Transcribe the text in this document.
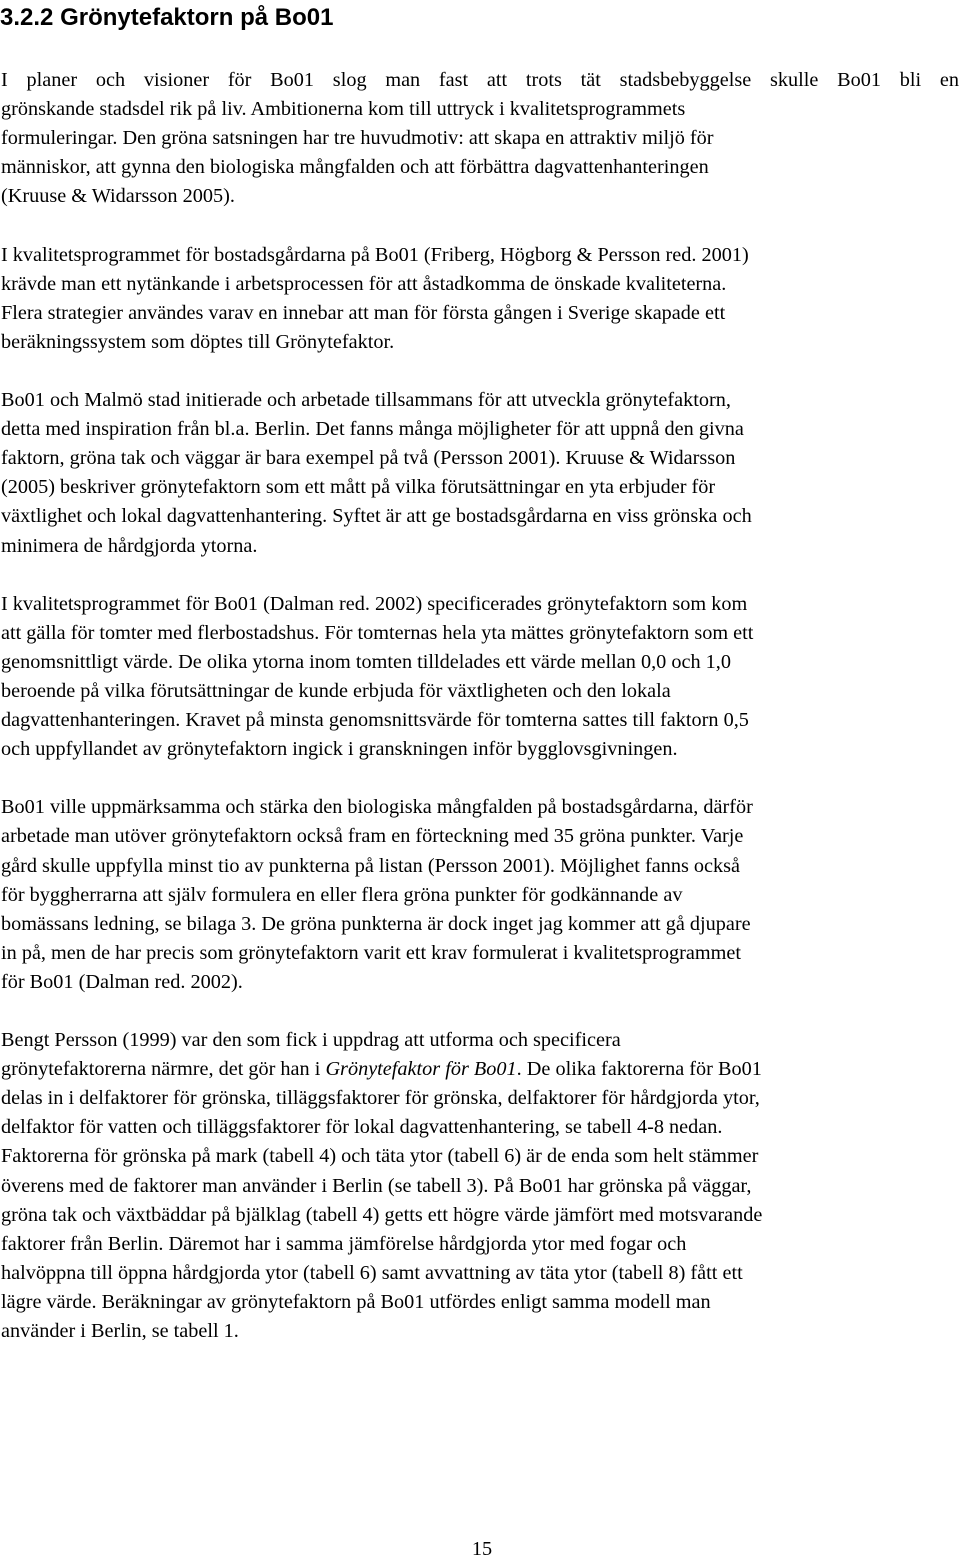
3.2.2 Grönytefaktorn på Bo01
I planer och visioner för Bo01 slog man fast att trots tät stadsbebyggelse skulle Bo01 bli en
grönskande stadsdel rik på liv. Ambitionerna kom till uttryck i kvalitetsprogrammets
formuleringar. Den gröna satsningen har tre huvudmotiv: att skapa en attraktiv miljö för
människor, att gynna den biologiska mångfalden och att förbättra dagvattenhanteringen
(Kruuse & Widarsson 2005).
I kvalitetsprogrammet för bostadsgårdarna på Bo01 (Friberg, Högborg & Persson red. 2001)
krävde man ett nytänkande i arbetsprocessen för att åstadkomma de önskade kvaliteterna.
Flera strategier användes varav en innebar att man för första gången i Sverige skapade ett
beräkningssystem som döptes till Grönytefaktor.
Bo01 och Malmö stad initierade och arbetade tillsammans för att utveckla grönytefaktorn,
detta med inspiration från bl.a. Berlin. Det fanns många möjligheter för att uppnå den givna
faktorn, gröna tak och väggar är bara exempel på två (Persson 2001). Kruuse & Widarsson
(2005) beskriver grönytefaktorn som ett mått på vilka förutsättningar en yta erbjuder för
växtlighet och lokal dagvattenhantering. Syftet är att ge bostadsgårdarna en viss grönska och
minimera de hårdgjorda ytorna.
I kvalitetsprogrammet för Bo01 (Dalman red. 2002) specificerades grönytefaktorn som kom
att gälla för tomter med flerbostadshus. För tomternas hela yta mättes grönytefaktorn som ett
genomsnittligt värde. De olika ytorna inom tomten tilldelades ett värde mellan 0,0 och 1,0
beroende på vilka förutsättningar de kunde erbjuda för växtligheten och den lokala
dagvattenhanteringen. Kravet på minsta genomsnittsvärde för tomterna sattes till faktorn 0,5
och uppfyllandet av grönytefaktorn ingick i granskningen inför bygglovsgivningen.
Bo01 ville uppmärksamma och stärka den biologiska mångfalden på bostadsgårdarna, därför
arbetade man utöver grönytefaktorn också fram en förteckning med 35 gröna punkter. Varje
gård skulle uppfylla minst tio av punkterna på listan (Persson 2001). Möjlighet fanns också
för byggherrarna att själv formulera en eller flera gröna punkter för godkännande av
bomässans ledning, se bilaga 3. De gröna punkterna är dock inget jag kommer att gå djupare
in på, men de har precis som grönytefaktorn varit ett krav formulerat i kvalitetsprogrammet
för Bo01 (Dalman red. 2002).
Bengt Persson (1999) var den som fick i uppdrag att utforma och specificera
grönytefaktorerna närmre, det gör han i Grönytefaktor för Bo01. De olika faktorerna för Bo01
delas in i delfaktorer för grönska, tilläggsfaktorer för grönska, delfaktorer för hårdgjorda ytor,
delfaktor för vatten och tilläggsfaktorer för lokal dagvattenhantering, se tabell 4-8 nedan.
Faktorerna för grönska på mark (tabell 4) och täta ytor (tabell 6) är de enda som helt stämmer
överens med de faktorer man använder i Berlin (se tabell 3). På Bo01 har grönska på väggar,
gröna tak och växtbäddar på bjälklag (tabell 4) getts ett högre värde jämfört med motsvarande
faktorer från Berlin. Däremot har i samma jämförelse hårdgjorda ytor med fogar och
halvöppna till öppna hårdgjorda ytor (tabell 6) samt avvattning av täta ytor (tabell 8) fått ett
lägre värde. Beräkningar av grönytefaktorn på Bo01 utfördes enligt samma modell man
använder i Berlin, se tabell 1.
15
